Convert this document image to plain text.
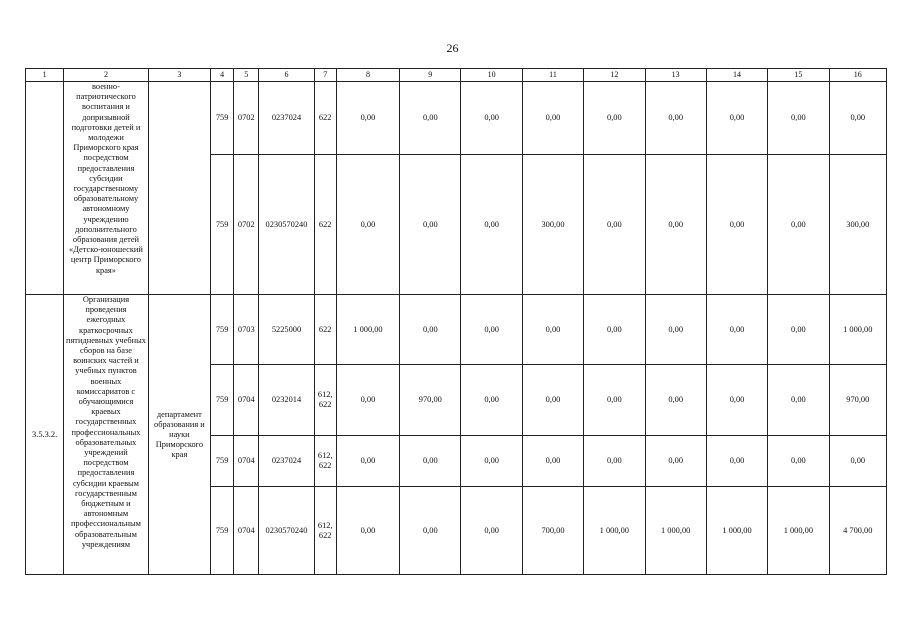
26
1	2	3	4	5	6	7	8	9	10	11	12	13	14	15	16
	военно-патриотического воспитания и допризывной подготовки детей и молодежи Приморского края посредством предоставления субсидии государственному образовательному автономному учреждению дополнительного образования детей «Детско-юношеский центр Приморского края»		759	0702	0237024	622	0,00	0,00	0,00	0,00	0,00	0,00	0,00	0,00	0,00
			759	0702	0230570240	622	0,00	0,00	0,00	300,00	0,00	0,00	0,00	0,00	300,00
3.5.3.2.	Организация проведения ежегодных краткосрочных пятидневных учебных сборов на базе воинских частей и учебных пунктов военных комиссариатов с обучающимися краевых государственных профессиональных образовательных учреждений посредством предоставления субсидии краевым государственным бюджетным и автономным профессиональным образовательным учреждениям	департамент образования и науки Приморского края	759	0703	5225000	622	1 000,00	0,00	0,00	0,00	0,00	0,00	0,00	0,00	1 000,00
			759	0704	0232014	612, 622	0,00	970,00	0,00	0,00	0,00	0,00	0,00	0,00	970,00
			759	0704	0237024	612, 622	0,00	0,00	0,00	0,00	0,00	0,00	0,00	0,00	0,00
			759	0704	0230570240	612, 622	0,00	0,00	0,00	700,00	1 000,00	1 000,00	1 000,00	1 000,00	4 700,00
